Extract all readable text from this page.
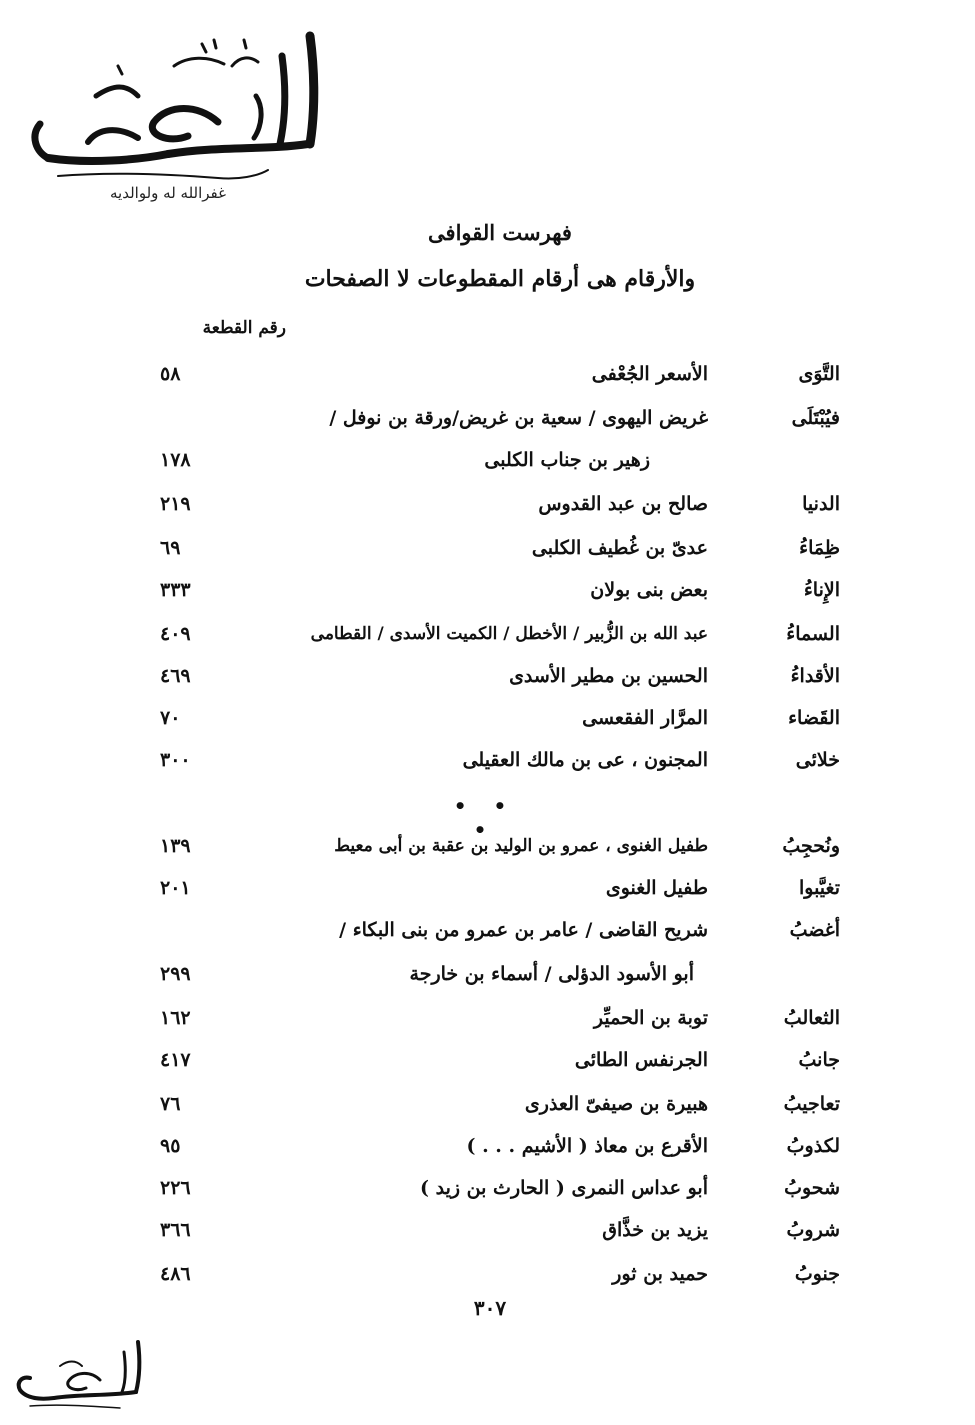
غفرالله له ولوالديه
فهرست القوافى
والأرقام هى أرقام المقطوعات لا الصفحات
رقم القطعة
التَّوَى
الأسعر الجُعْفى
٥٨
فيُبْتَلَى
غريض اليهوى / سعية بن غريض/ورقة بن نوفل /
زهير بن جناب الكلبى
١٧٨
الدنيا
صالح بن عبد القدوس
٢١٩
ظِمَاءُ
عدىّ بن غُطيف الكلبى
٦٩
الإِناءُ
بعض بنى بولان
٣٣٣
السماءُ
عبد الله بن الزُّبير / الأخطل / الكميت الأسدى / القطامى
٤٠٩
الأقداءُ
الحسين بن مطير الأسدى
٤٦٩
القَضاء
المرَّار الفقعسى
٧٠
خلائى
المجنون ، عى بن مالك العقيلى
٣٠٠
• • •
ونُحجِبُ
طفيل الغنوى ، عمرو بن الوليد بن عقبة بن أبى معيط
١٣٩
تغيَّبوا
طفيل الغنوى
٢٠١
أغضبُ
شريح القاضى / عامر بن عمرو من بنى البكاء /
أبو الأسود الدؤلى / أسماء بن خارجة
٢٩٩
الثعالبُ
توبة بن الحميِّر
١٦٢
جانبُ
الجرنفس الطائى
٤١٧
تعاجيبُ
هبيرة بن صيفىّ العذرى
٧٦
لكذوبُ
الأقرع بن معاذ ( الأشيم . . . )
٩٥
شحوبُ
أبو عداس النمرى ( الحارث بن زيد )
٢٢٦
شروبُ
يزيد بن خذَّاق
٣٦٦
جنوبُ
حميد بن ثور
٤٨٦
٣٠٧
